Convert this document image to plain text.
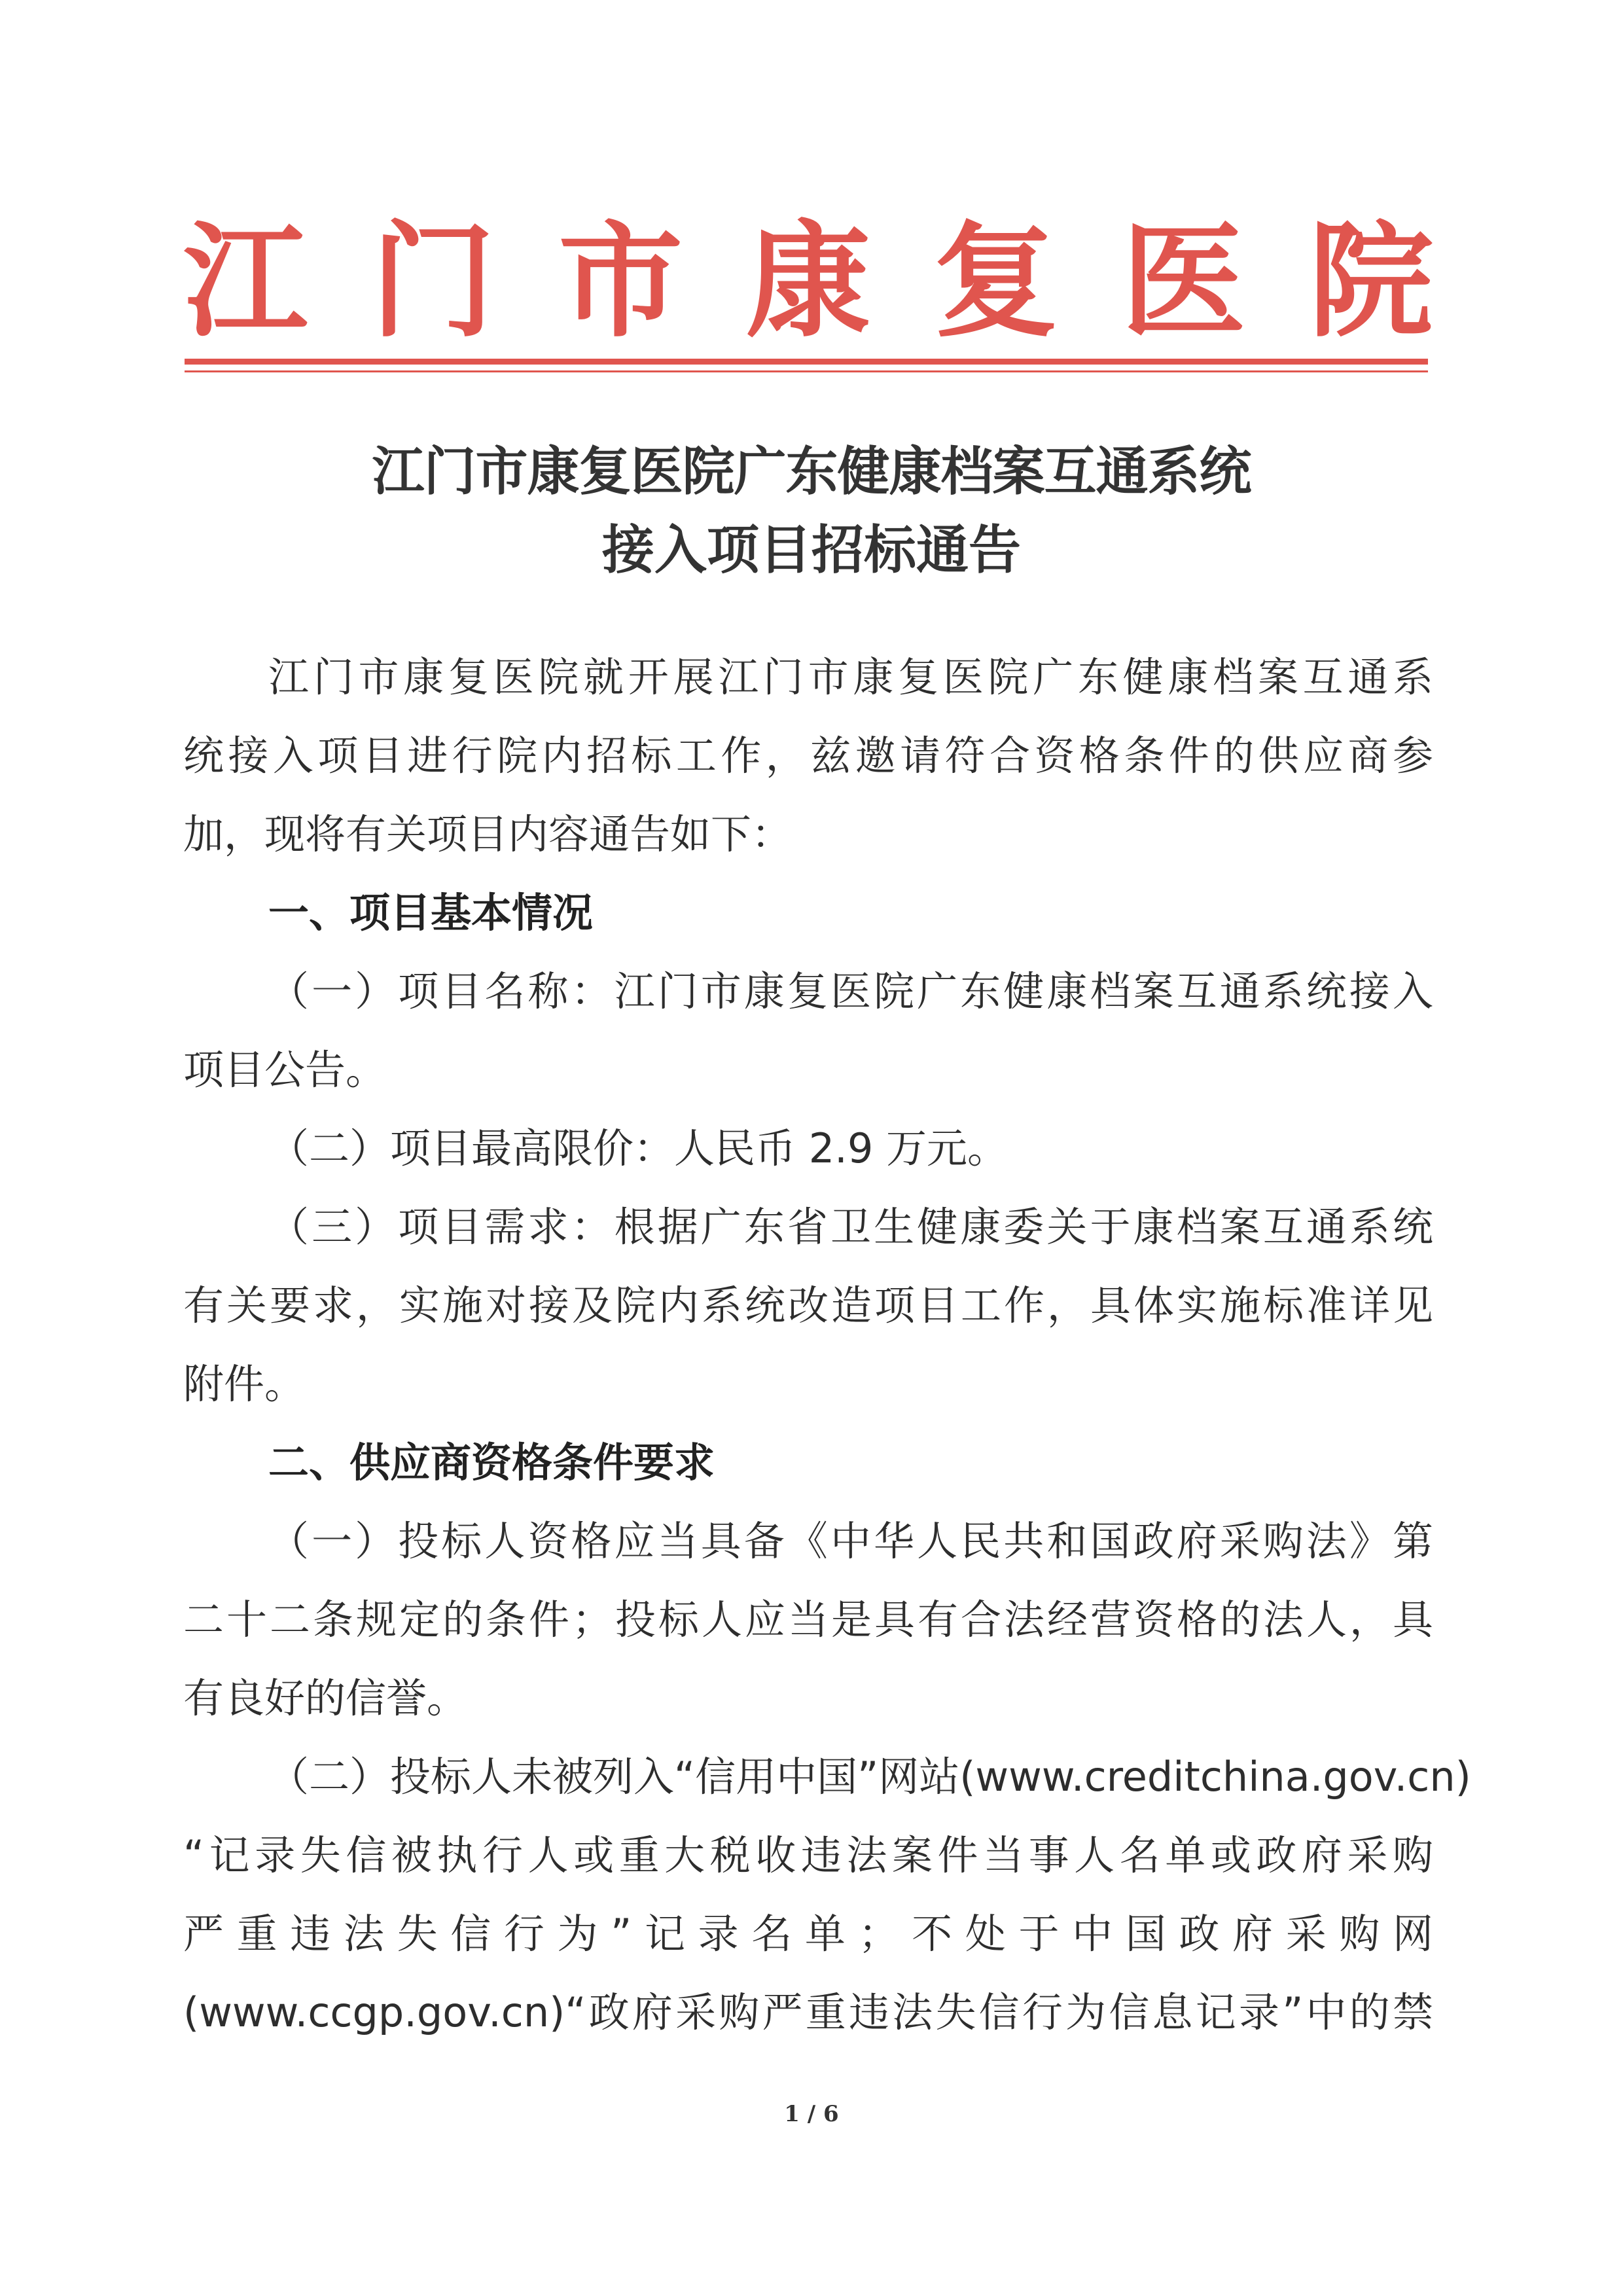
江 门 市 康 复 医 院
江门市康复医院广东健康档案互通系统
接入项目招标通告
江门市康复医院就开展江门市康复医院广东健康档案互通系
统接入项目进行院内招标工作，兹邀请符合资格条件的供应商参
加，现将有关项目内容通告如下：
一、项目基本情况
（一）项目名称：江门市康复医院广东健康档案互通系统接入
项目公告。
（二）项目最高限价：人民币 2.9 万元。
（三）项目需求：根据广东省卫生健康委关于康档案互通系统
有关要求，实施对接及院内系统改造项目工作，具体实施标准详见
附件。
二、供应商资格条件要求
（一）投标人资格应当具备《中华人民共和国政府采购法》第
二十二条规定的条件；投标人应当是具有合法经营资格的法人，具
有良好的信誉。
（二）投标人未被列入“信用中国”网站(www.creditchina.gov.cn)
“记录失信被执行人或重大税收违法案件当事人名单或政府采购
严重违法失信行为”记录名单；不处于中国政府采购网
(www.ccgp.gov.cn)“政府采购严重违法失信行为信息记录”中的禁
1 / 6
